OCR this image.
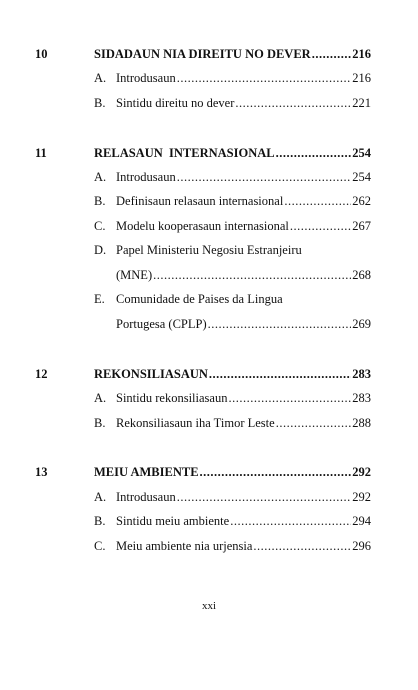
10	SIDADAUN NIA DIREITU NO DEVER .....	216
A. Introdusaun .....	216
B. Sintidu direitu no dever .....	221
11	RELASAUN  INTERNASIONAL .....	254
A. Introdusaun .....	254
B. Definisaun relasaun internasional .....	262
C. Modelu kooperasaun internasional .....	267
D. Papel Ministeriu Negosiu Estranjeiru
(MNE) .....	268
E. Comunidade de Paises da Lingua
Portugesa (CPLP) .....	269
12	REKONSILIASAUN .....	283
A. Sintidu rekonsiliasaun .....	283
B. Rekonsiliasaun iha Timor Leste .....	288
13	MEIU AMBIENTE .....	292
A. Introdusaun .....	292
B. Sintidu meiu ambiente .....	294
C. Meiu ambiente nia urjensia .....	296
xxi
